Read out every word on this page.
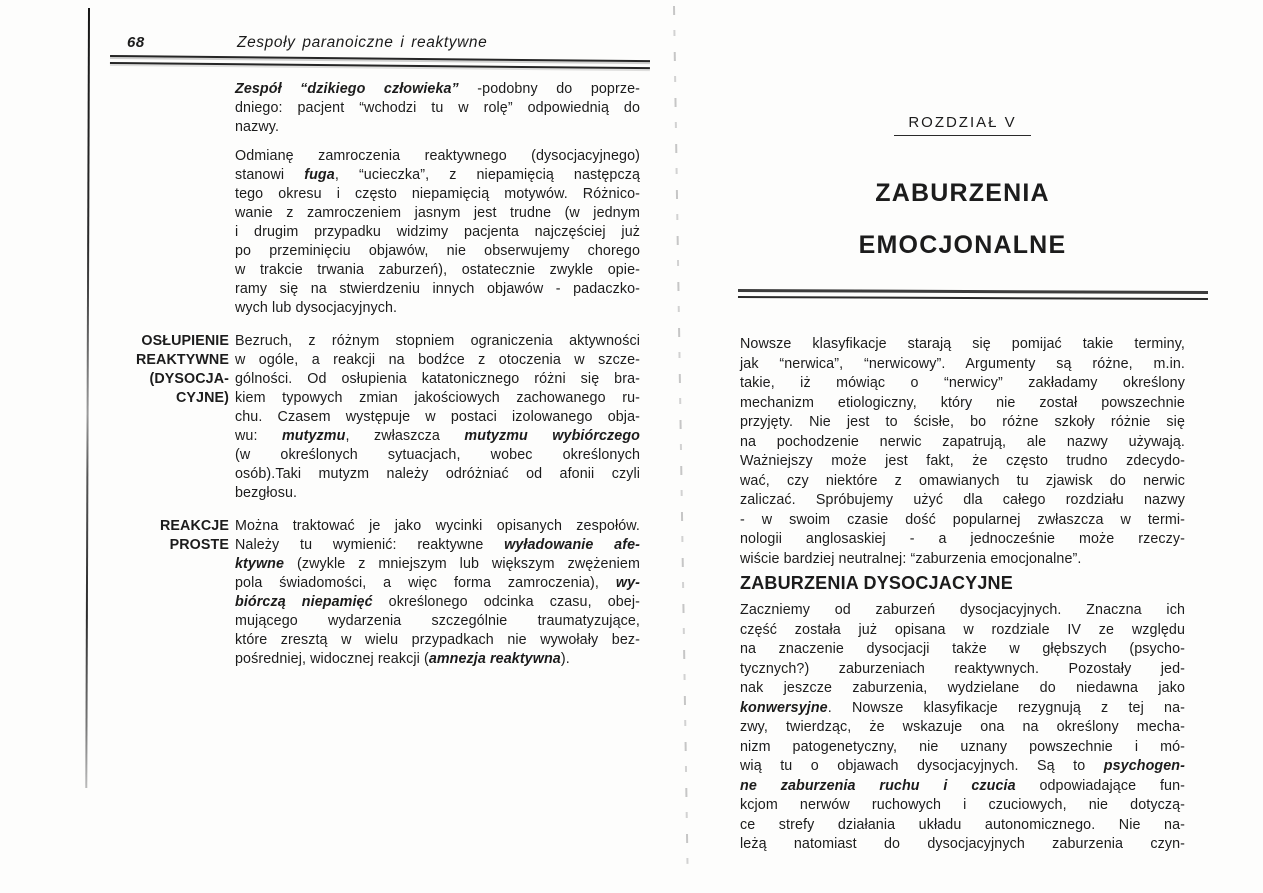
68	Zespoły paranoiczne i reaktywne
Zespół “dzikiego człowieka” -podobny do poprze-
dniego: pacjent “wchodzi tu w rolę” odpowiednią do
nazwy.
Odmianę zamroczenia reaktywnego (dysocjacyjnego)
stanowi fuga, “ucieczka”, z niepamięcią następczą
tego okresu i często niepamięcią motywów. Różnico-
wanie z zamroczeniem jasnym jest trudne (w jednym
i drugim przypadku widzimy pacjenta najczęściej już
po przeminięciu objawów, nie obserwujemy chorego
w trakcie trwania zaburzeń), ostatecznie zwykle opie-
ramy się na stwierdzeniu innych objawów - padaczko-
wych lub dysocjacyjnych.
OSŁUPIENIE
REAKTYWNE
(DYSOCJA-
CYJNE)
Bezruch, z różnym stopniem ograniczenia aktywności
w ogóle, a reakcji na bodźce z otoczenia w szcze-
gólności. Od osłupienia katatonicznego różni się bra-
kiem typowych zmian jakościowych zachowanego ru-
chu. Czasem występuje w postaci izolowanego obja-
wu: mutyzmu, zwłaszcza mutyzmu wybiórczego
(w określonych sytuacjach, wobec określonych
osób).Taki mutyzm należy odróżniać od afonii czyli
bezgłosu.
REAKCJE
PROSTE
Można traktować je jako wycinki opisanych zespołów.
Należy tu wymienić: reaktywne wyładowanie afe-
ktywne (zwykle z mniejszym lub większym zwężeniem
pola świadomości, a więc forma zamroczenia), wy-
biórczą niepamięć określonego odcinka czasu, obej-
mującego wydarzenia szczególnie traumatyzujące,
które zresztą w wielu przypadkach nie wywołały bez-
pośredniej, widocznej reakcji (amnezja reaktywna).
ROZDZIAŁ V
ZABURZENIA
EMOCJONALNE
Nowsze klasyfikacje starają się pomijać takie terminy,
jak “nerwica”, “nerwicowy”. Argumenty są różne, m.in.
takie, iż mówiąc o “nerwicy” zakładamy określony
mechanizm etiologiczny, który nie został powszechnie
przyjęty. Nie jest to ścisłe, bo różne szkoły różnie się
na pochodzenie nerwic zapatrują, ale nazwy używają.
Ważniejszy może jest fakt, że często trudno zdecydo-
wać, czy niektóre z omawianych tu zjawisk do nerwic
zaliczać. Spróbujemy użyć dla całego rozdziału nazwy
- w swoim czasie dość popularnej zwłaszcza w termi-
nologii anglosaskiej - a jednocześnie może rzeczy-
wiście bardziej neutralnej: “zaburzenia emocjonalne”.
ZABURZENIA DYSOCJACYJNE
Zaczniemy od zaburzeń dysocjacyjnych. Znaczna ich
część została już opisana w rozdziale IV ze względu
na znaczenie dysocjacji także w głębszych (psycho-
tycznych?) zaburzeniach reaktywnych. Pozostały jed-
nak jeszcze zaburzenia, wydzielane do niedawna jako
konwersyjne. Nowsze klasyfikacje rezygnują z tej na-
zwy, twierdząc, że wskazuje ona na określony mecha-
nizm patogenetyczny, nie uznany powszechnie i mó-
wią tu o objawach dysocjacyjnych. Są to psychogen-
ne zaburzenia ruchu i czucia odpowiadające fun-
kcjom nerwów ruchowych i czuciowych, nie dotyczą-
ce strefy działania układu autonomicznego. Nie na-
leżą natomiast do dysocjacyjnych zaburzenia czyn-
